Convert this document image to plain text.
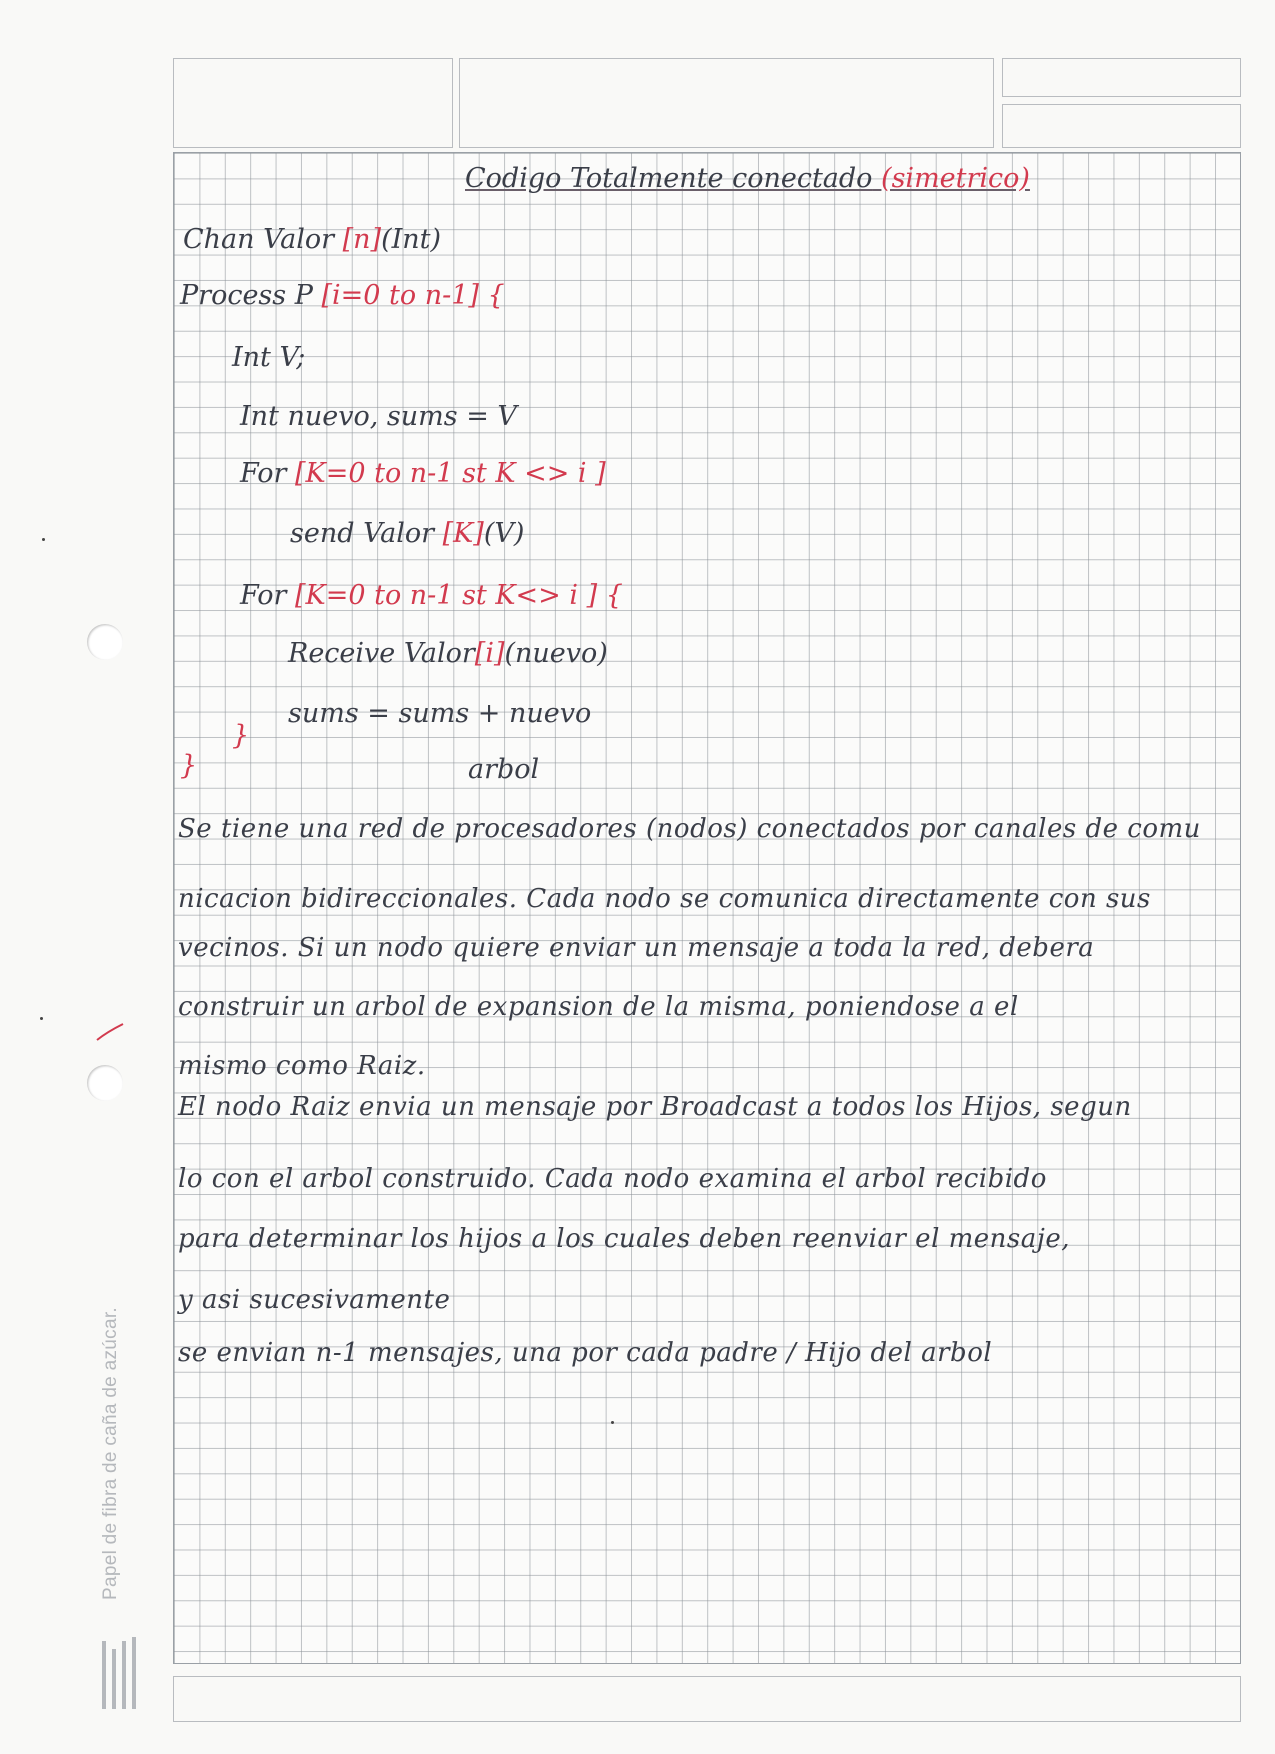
Papel de fibra de caña de azúcar.
Codigo Totalmente conectado (simetrico)
Chan Valor [n](Int)
Process P [i=0 to n-1] {
Int V;
Int nuevo, sums = V
For [K=0 to n-1 st K <> i ]
send Valor [K](V)
For [K=0 to n-1 st K<> i ] {
Receive Valor[i](nuevo)
sums = sums + nuevo
}
}	arbol
Se tiene una red de procesadores (nodos) conectados por canales de comu
nicacion bidireccionales. Cada nodo se comunica directamente con sus
vecinos. Si un nodo quiere enviar un mensaje a toda la red, debera
construir un arbol de expansion de la misma, poniendose a el
mismo como Raiz.
El nodo Raiz envia un mensaje por Broadcast a todos los Hijos, segun
lo con el arbol construido. Cada nodo examina el arbol recibido
para determinar los hijos a los cuales deben reenviar el mensaje,
y asi sucesivamente
se envian n-1 mensajes, una por cada padre / Hijo del arbol
